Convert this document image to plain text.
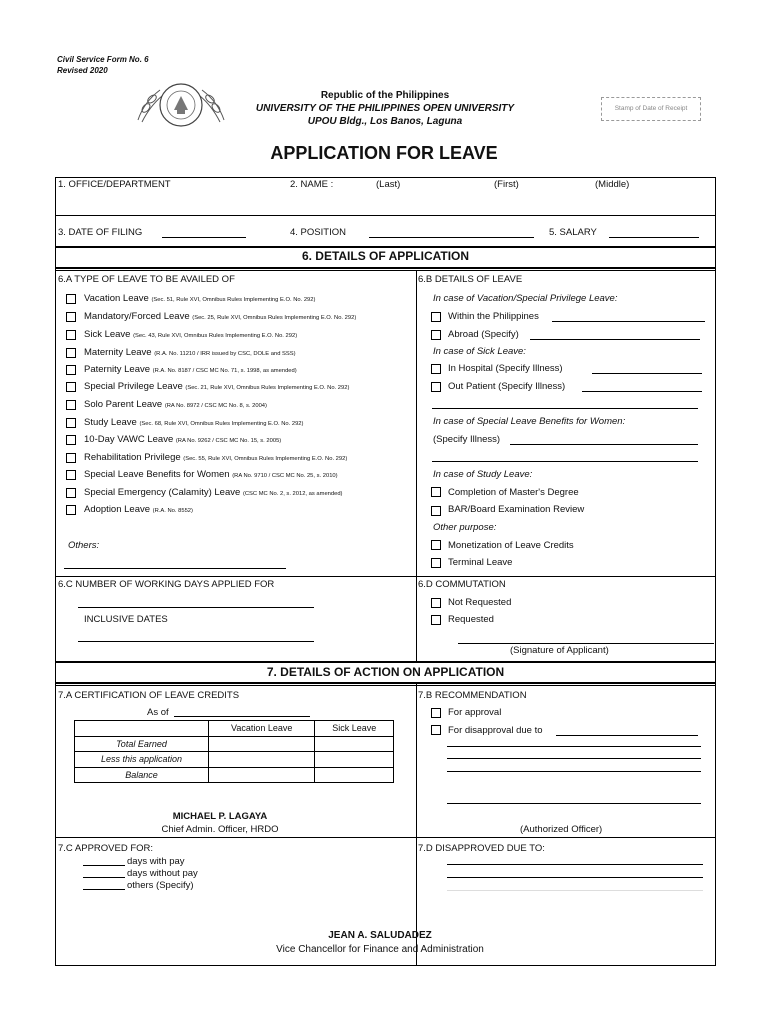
Civil Service Form No. 6
Revised 2020
Republic of the Philippines
UNIVERSITY OF THE PHILIPPINES OPEN UNIVERSITY
UPOU Bldg., Los Banos, Laguna
Stamp of Date of Receipt
APPLICATION FOR LEAVE
1. OFFICE/DEPARTMENT	2. NAME :	(Last)	(First)	(Middle)
3. DATE OF FILING	4. POSITION	5. SALARY
6. DETAILS OF APPLICATION
6.A TYPE OF LEAVE TO BE AVAILED OF
Vacation Leave (Sec. 51, Rule XVI, Omnibus Rules Implementing E.O. No. 292)
Mandatory/Forced Leave (Sec. 25, Rule XVI, Omnibus Rules Implementing E.O. No. 292)
Sick Leave (Sec. 43, Rule XVI, Omnibus Rules Implementing E.O. No. 292)
Maternity Leave (R.A. No. 11210 / IRR issued by CSC, DOLE and SSS)
Paternity Leave (R.A. No. 8187 / CSC MC No. 71, s. 1998, as amended)
Special Privilege Leave (Sec. 21, Rule XVI, Omnibus Rules Implementing E.O. No. 292)
Solo Parent Leave (RA No. 8972 / CSC MC No. 8, s. 2004)
Study Leave (Sec. 68, Rule XVI, Omnibus Rules Implementing E.O. No. 292)
10-Day VAWC Leave (RA No. 9262 / CSC MC No. 15, s. 2005)
Rehabilitation Privilege (Sec. 55, Rule XVI, Omnibus Rules Implementing E.O. No. 292)
Special Leave Benefits for Women (RA No. 9710 / CSC MC No. 25, s. 2010)
Special Emergency (Calamity) Leave (CSC MC No. 2, s. 2012, as amended)
Adoption Leave (R.A. No. 8552)
Others:
6.B DETAILS OF LEAVE
In case of Vacation/Special Privilege Leave:
Within the Philippines
Abroad (Specify)
In case of Sick Leave:
In Hospital (Specify Illness)
Out Patient (Specify Illness)
In case of Special Leave Benefits for Women:
(Specify Illness)
In case of Study Leave:
Completion of Master's Degree
BAR/Board Examination Review
Other purpose:
Monetization of Leave Credits
Terminal Leave
6.C NUMBER OF WORKING DAYS APPLIED FOR
INCLUSIVE DATES
6.D COMMUTATION
Not Requested
Requested
(Signature of Applicant)
7. DETAILS OF ACTION ON APPLICATION
7.A CERTIFICATION OF LEAVE CREDITS
As of
	Vacation Leave	Sick Leave
Total Earned		
Less this application		
Balance		
MICHAEL P. LAGAYA
Chief Admin. Officer, HRDO
7.B RECOMMENDATION
For approval
For disapproval due to
(Authorized Officer)
7.C APPROVED FOR:
days with pay
days without pay
others (Specify)
7.D DISAPPROVED DUE TO:
JEAN A. SALUDADEZ
Vice Chancellor for Finance and Administration
